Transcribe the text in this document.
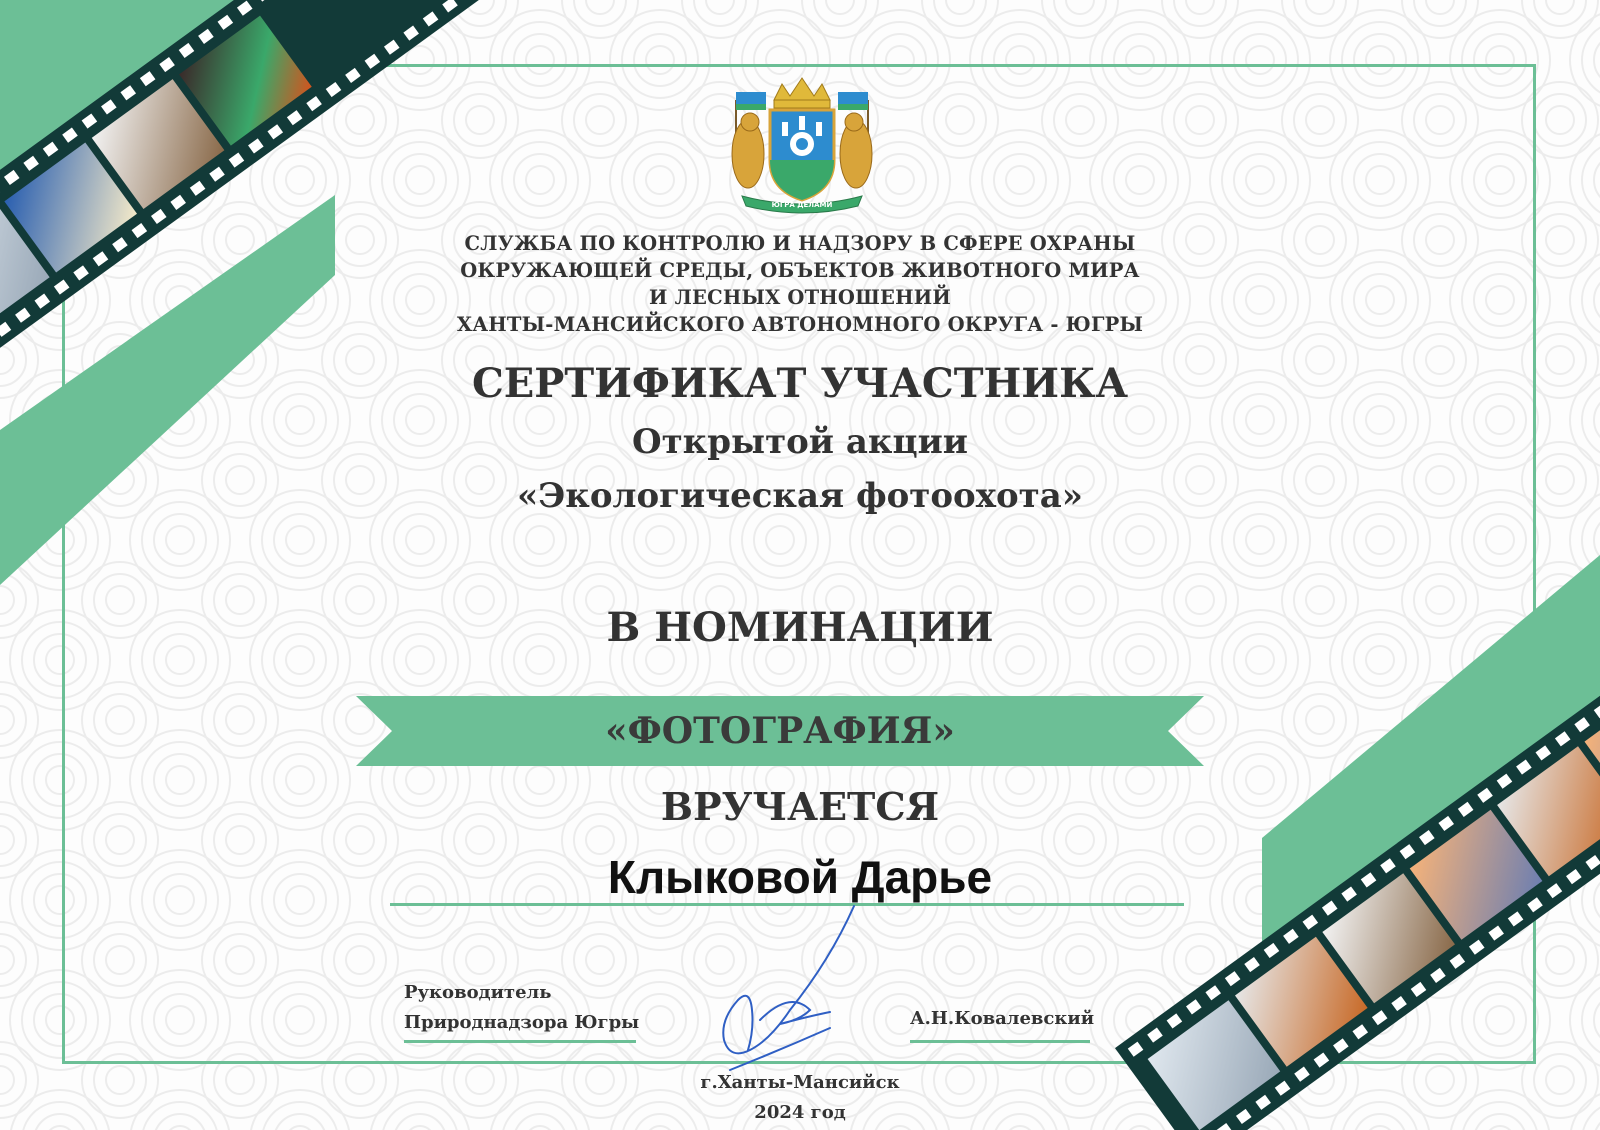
ЮГРА ДЕЛАМИ
СЛУЖБА ПО КОНТРОЛЮ И НАДЗОРУ В СФЕРЕ ОХРАНЫ
ОКРУЖАЮЩЕЙ СРЕДЫ, ОБЪЕКТОВ ЖИВОТНОГО МИРА
И ЛЕСНЫХ ОТНОШЕНИЙ
ХАНТЫ-МАНСИЙСКОГО АВТОНОМНОГО ОКРУГА - ЮГРЫ
СЕРТИФИКАТ УЧАСТНИКА
Открытой акции
«Экологическая фотоохота»
В НОМИНАЦИИ
«ФОТОГРАФИЯ»
ВРУЧАЕТСЯ
Клыковой Дарье
Руководитель
Природнадзора Югры	А.Н.Ковалевский
г.Ханты-Мансийск
2024 год
